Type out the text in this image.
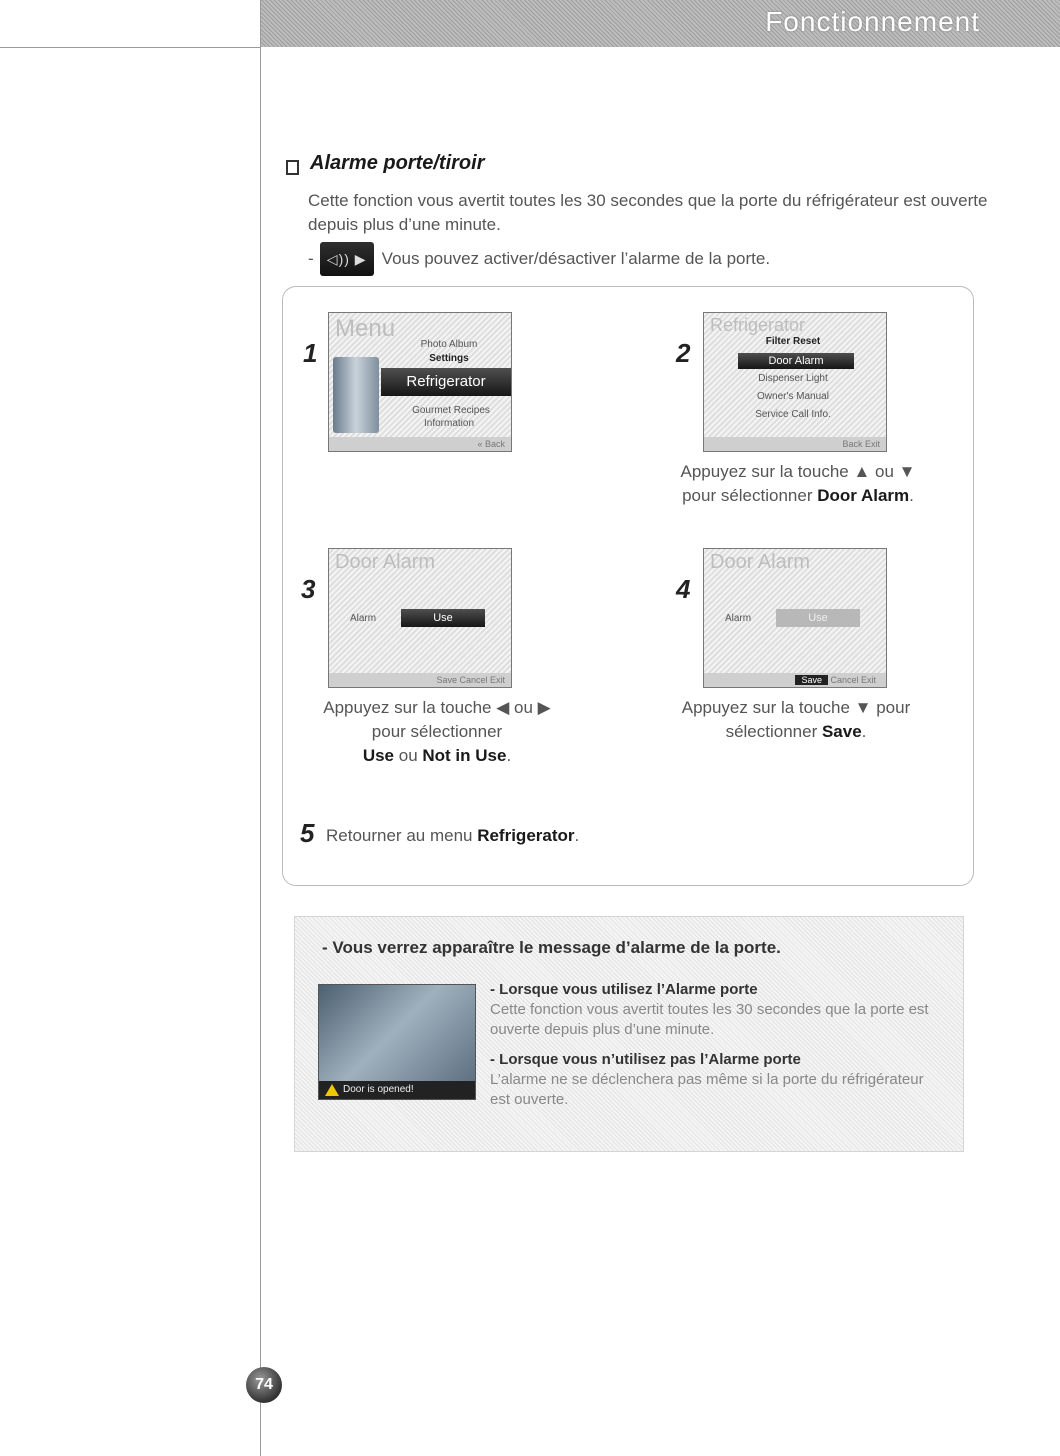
Fonctionnement
Alarme porte/tiroir
Cette fonction vous avertit toutes les 30 secondes que la porte du réfrigérateur est ouverte depuis plus d’une minute.
- ◁)) ▶ Vous pouvez activer/désactiver l’alarme de la porte.
1
Menu
Photo Album
Settings
Refrigerator
Gourmet Recipes
Information
« Back
2
Refrigerator
Filter Reset
Door Alarm
Dispenser Light
Owner's Manual
Service Call Info.
Back Exit
Appuyez sur la touche ▲ ou ▼
pour sélectionner Door Alarm.
3
Door Alarm
Alarm	Use
Save Cancel Exit
Appuyez sur la touche ◀ ou ▶
pour sélectionner
Use ou Not in Use.
4
Door Alarm
Alarm	Use
Save Cancel Exit
Appuyez sur la touche ▼ pour
sélectionner Save.
5 Retourner au menu Refrigerator.
- Vous verrez apparaître le message d’alarme de la porte.
Door is opened!
- Lorsque vous utilisez l’Alarme porte
Cette fonction vous avertit toutes les 30 secondes que la porte est ouverte depuis plus d’une minute.
- Lorsque vous n’utilisez pas l’Alarme porte
L’alarme ne se déclenchera pas même si la porte du réfrigérateur est ouverte.
74
